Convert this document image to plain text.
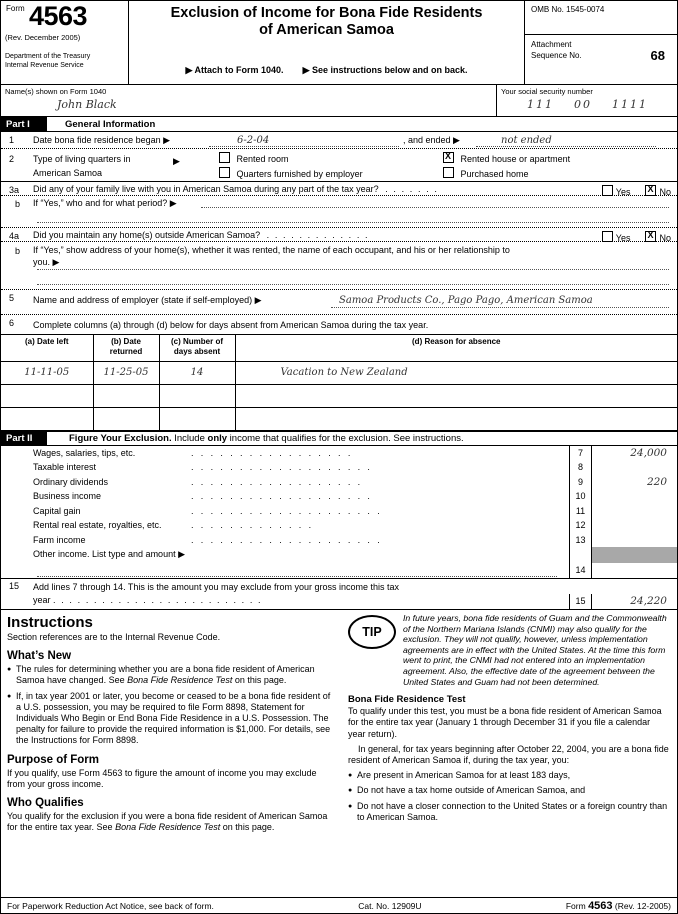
Form 4563
(Rev. December 2005)
Department of the Treasury
Internal Revenue Service
Exclusion of Income for Bona Fide Residents
of American Samoa
▶ Attach to Form 1040. ▶ See instructions below and on back.
OMB No. 1545-0074
Attachment
Sequence No.	68
Name(s) shown on Form 1040
John Black
Your social security number
111 00 1111
Part I	General Information
1 Date bona fide residence began ▶	6-2-04	, and ended ▶	not ended
2 Type of living quarters in
American Samoa
▶	Rented room
Quarters furnished by employer
X Rented house or apartment
Purchased home
3a Did any of your family live with you in American Samoa during any part of the tax year? . . . . . . .	Yes X	No
b If “Yes,” who and for what period? ▶
4a Did you maintain any home(s) outside American Samoa? . . . . . . . . . . . . .	Yes X	No
b If “Yes,” show address of your home(s), whether it was rented, the name of each occupant, and his or her relationship to
you. ▶
5 Name and address of employer (state if self-employed) ▶	Samoa Products Co., Pago Pago, American Samoa
6 Complete columns (a) through (d) below for days absent from American Samoa during the tax year.
(a) Date left	(b) Date returned	(c) Number of days absent	(d) Reason for absence
11-11-05	11-25-05	14	Vacation to New Zealand

Part II	Figure Your Exclusion. Include only income that qualifies for the exclusion. See instructions.
Wages, salaries, tips, etc.	. . . . . . . . . . . . . . . . .	7	24,000
Taxable interest	. . . . . . . . . . . . . . . . . . .	8
Ordinary dividends	. . . . . . . . . . . . . . . . . .	9	220
Business income	. . . . . . . . . . . . . . . . . . .	10
Capital gain	. . . . . . . . . . . . . . . . . . . .	11
Rental real estate, royalties, etc.	. . . . . . . . . . . . .	12
Farm income	. . . . . . . . . . . . . . . . . . . .	13
Other income. List type and amount ▶
14
15 Add lines 7 through 14. This is the amount you may exclude from your gross income this tax
year . . . . . . . . . . . . . . . . . . . . . . . . . .	15	24,220
Instructions
Section references are to the Internal Revenue Code.
What’s New
● The rules for determining whether you are a bona fide resident of American Samoa have changed. See Bona Fide Residence Test on this page.
● If, in tax year 2001 or later, you become or ceased to be a bona fide resident of a U.S. possession, you may be required to file Form 8898, Statement for Individuals Who Begin or End Bona Fide Residence in a U.S. Possession. The penalty for failure to provide the required information is $1,000. For details, see the Instructions for Form 8898.
Purpose of Form
If you qualify, use Form 4563 to figure the amount of income you may exclude from your gross income.
Who Qualifies
You qualify for the exclusion if you were a bona fide resident of American Samoa for the entire tax year. See Bona Fide Residence Test on this page.
TIP
In future years, bona fide residents of Guam and the Commonwealth of the Northern Mariana Islands (CNMI) may also qualify for the exclusion. They will not qualify, however, unless implementation agreements are in effect with the United States. At the time this form went to print, the CNMI had not entered into an implementation agreement. Also, the effective date of the agreement between the United States and Guam had not been determined.
Bona Fide Residence Test
To qualify under this test, you must be a bona fide resident of American Samoa for the entire tax year (January 1 through December 31 if you file a calendar year return).
In general, for tax years beginning after October 22, 2004, you are a bona fide resident of American Samoa if, during the tax year, you:
● Are present in American Samoa for at least 183 days,
● Do not have a tax home outside of American Samoa, and
● Do not have a closer connection to the United States or a foreign country than to American Samoa.
For Paperwork Reduction Act Notice, see back of form.	Cat. No. 12909U	Form 4563 (Rev. 12-2005)
